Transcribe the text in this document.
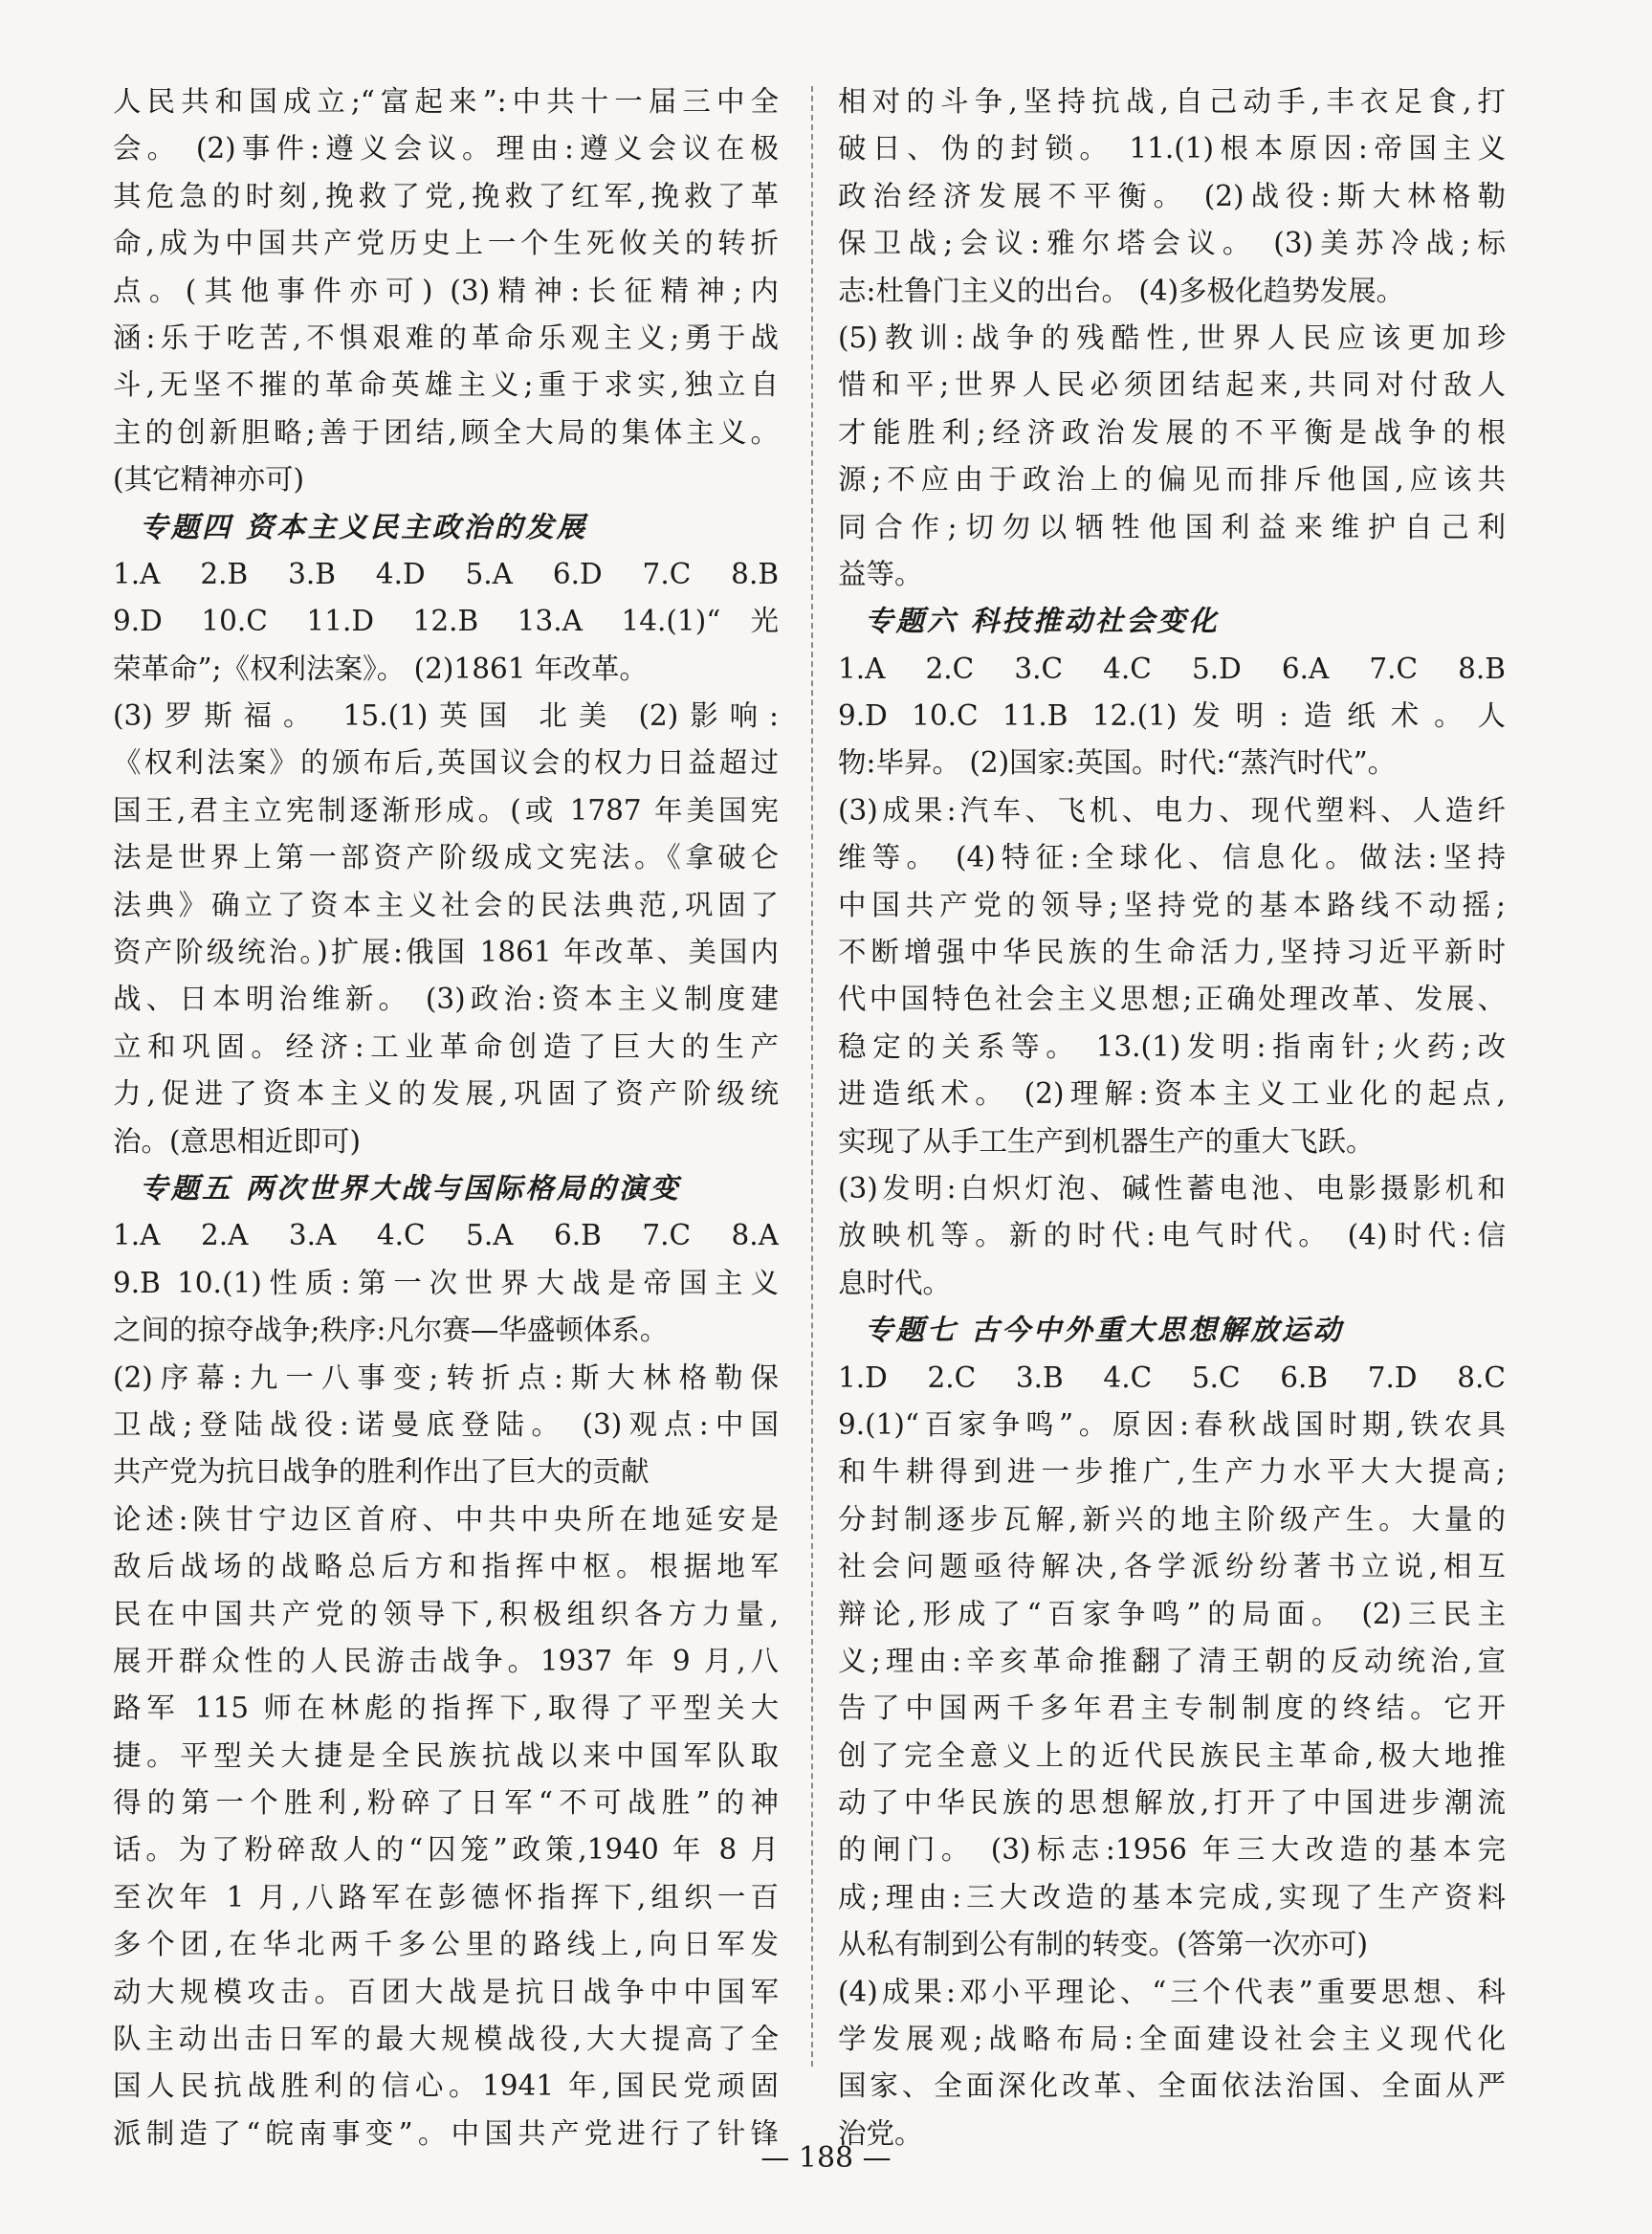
人民共和国成立;“富起来”:中共十一届三中全
会。 (2)事件:遵义会议。理由:遵义会议在极
其危急的时刻,挽救了党,挽救了红军,挽救了革
命,成为中国共产党历史上一个生死攸关的转折
点。(其他事件亦可) (3)精神:长征精神;内
涵:乐于吃苦,不惧艰难的革命乐观主义;勇于战
斗,无坚不摧的革命英雄主义;重于求实,独立自
主的创新胆略;善于团结,顾全大局的集体主义。
(其它精神亦可)
专题四 资本主义民主政治的发展
1.A 2.B 3.B 4.D 5.A 6.D 7.C 8.B
9.D 10.C 11.D 12.B 13.A 14.(1)“光
荣革命”;《权利法案》。 (2)1861 年改革。
(3)罗斯福。 15.(1)英国 北美 (2)影响:
《权利法案》的颁布后,英国议会的权力日益超过
国王,君主立宪制逐渐形成。(或 1787 年美国宪
法是世界上第一部资产阶级成文宪法。《拿破仑
法典》确立了资本主义社会的民法典范,巩固了
资产阶级统治。)扩展:俄国 1861 年改革、美国内
战、日本明治维新。 (3)政治:资本主义制度建
立和巩固。经济:工业革命创造了巨大的生产
力,促进了资本主义的发展,巩固了资产阶级统
治。(意思相近即可)
专题五 两次世界大战与国际格局的演变
1.A 2.A 3.A 4.C 5.A 6.B 7.C 8.A
9.B 10.(1)性质:第一次世界大战是帝国主义
之间的掠夺战争;秩序:凡尔赛—华盛顿体系。
(2)序幕:九一八事变;转折点:斯大林格勒保
卫战;登陆战役:诺曼底登陆。 (3)观点:中国
共产党为抗日战争的胜利作出了巨大的贡献
论述:陕甘宁边区首府、中共中央所在地延安是
敌后战场的战略总后方和指挥中枢。根据地军
民在中国共产党的领导下,积极组织各方力量,
展开群众性的人民游击战争。1937 年 9 月,八
路军 115 师在林彪的指挥下,取得了平型关大
捷。平型关大捷是全民族抗战以来中国军队取
得的第一个胜利,粉碎了日军“不可战胜”的神
话。为了粉碎敌人的“囚笼”政策,1940 年 8 月
至次年 1 月,八路军在彭德怀指挥下,组织一百
多个团,在华北两千多公里的路线上,向日军发
动大规模攻击。百团大战是抗日战争中中国军
队主动出击日军的最大规模战役,大大提高了全
国人民抗战胜利的信心。1941 年,国民党顽固
派制造了“皖南事变”。中国共产党进行了针锋
相对的斗争,坚持抗战,自己动手,丰衣足食,打
破日、伪的封锁。 11.(1)根本原因:帝国主义
政治经济发展不平衡。 (2)战役:斯大林格勒
保卫战;会议:雅尔塔会议。 (3)美苏冷战;标
志:杜鲁门主义的出台。 (4)多极化趋势发展。
(5)教训:战争的残酷性,世界人民应该更加珍
惜和平;世界人民必须团结起来,共同对付敌人
才能胜利;经济政治发展的不平衡是战争的根
源;不应由于政治上的偏见而排斥他国,应该共
同合作;切勿以牺牲他国利益来维护自己利
益等。
专题六 科技推动社会变化
1.A 2.C 3.C 4.C 5.D 6.A 7.C 8.B
9.D 10.C 11.B 12.(1)发明:造纸术。人
物:毕昇。 (2)国家:英国。时代:“蒸汽时代”。
(3)成果:汽车、飞机、电力、现代塑料、人造纤
维等。 (4)特征:全球化、信息化。做法:坚持
中国共产党的领导;坚持党的基本路线不动摇;
不断增强中华民族的生命活力,坚持习近平新时
代中国特色社会主义思想;正确处理改革、发展、
稳定的关系等。 13.(1)发明:指南针;火药;改
进造纸术。 (2)理解:资本主义工业化的起点,
实现了从手工生产到机器生产的重大飞跃。
(3)发明:白炽灯泡、碱性蓄电池、电影摄影机和
放映机等。新的时代:电气时代。 (4)时代:信
息时代。
专题七 古今中外重大思想解放运动
1.D 2.C 3.B 4.C 5.C 6.B 7.D 8.C
9.(1)“百家争鸣”。原因:春秋战国时期,铁农具
和牛耕得到进一步推广,生产力水平大大提高;
分封制逐步瓦解,新兴的地主阶级产生。大量的
社会问题亟待解决,各学派纷纷著书立说,相互
辩论,形成了“百家争鸣”的局面。 (2)三民主
义;理由:辛亥革命推翻了清王朝的反动统治,宣
告了中国两千多年君主专制制度的终结。它开
创了完全意义上的近代民族民主革命,极大地推
动了中华民族的思想解放,打开了中国进步潮流
的闸门。 (3)标志:1956 年三大改造的基本完
成;理由:三大改造的基本完成,实现了生产资料
从私有制到公有制的转变。(答第一次亦可)
(4)成果:邓小平理论、“三个代表”重要思想、科
学发展观;战略布局:全面建设社会主义现代化
国家、全面深化改革、全面依法治国、全面从严
治党。
— 188 —
